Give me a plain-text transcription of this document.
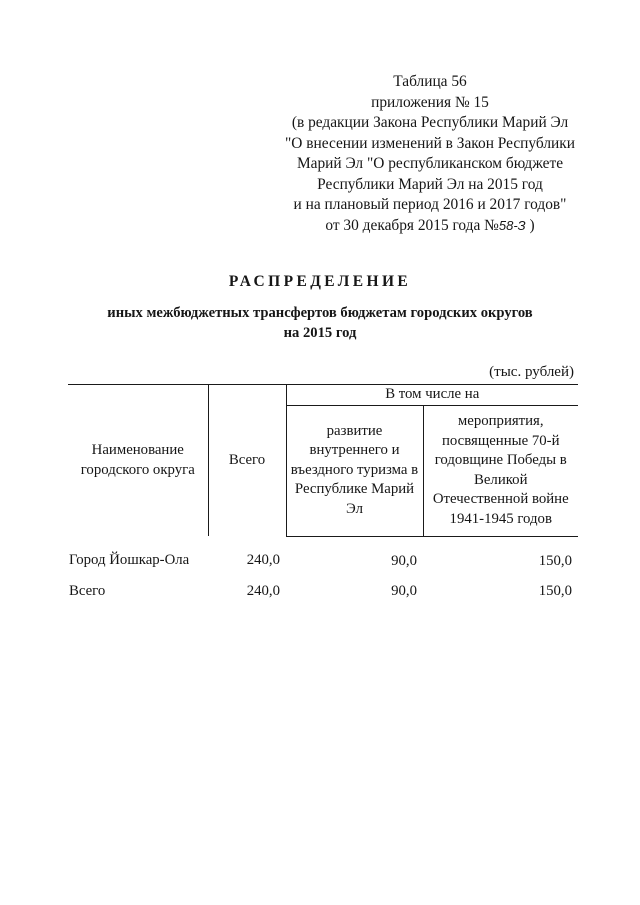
Таблица 56
приложения № 15
(в редакции Закона Республики Марий Эл
"О внесении изменений в Закон Республики
Марий Эл "О республиканском бюджете
Республики Марий Эл на 2015 год
и на плановый период 2016 и 2017 годов"
от 30 декабря 2015 года №58-З )
РАСПРЕДЕЛЕНИЕ
иных межбюджетных трансфертов бюджетам городских округов
на 2015 год
(тыс. рублей)
Наименование городского округа	Всего	В том числе на	
		развитие внутреннего и въездного туризма в Республике Марий Эл	мероприятия, посвященные 70-й годовщине Победы в Великой Отечественной войне 1941-1945 годов
Город Йошкар-Ола	240,0	90,0	150,0
Всего	240,0	90,0	150,0
